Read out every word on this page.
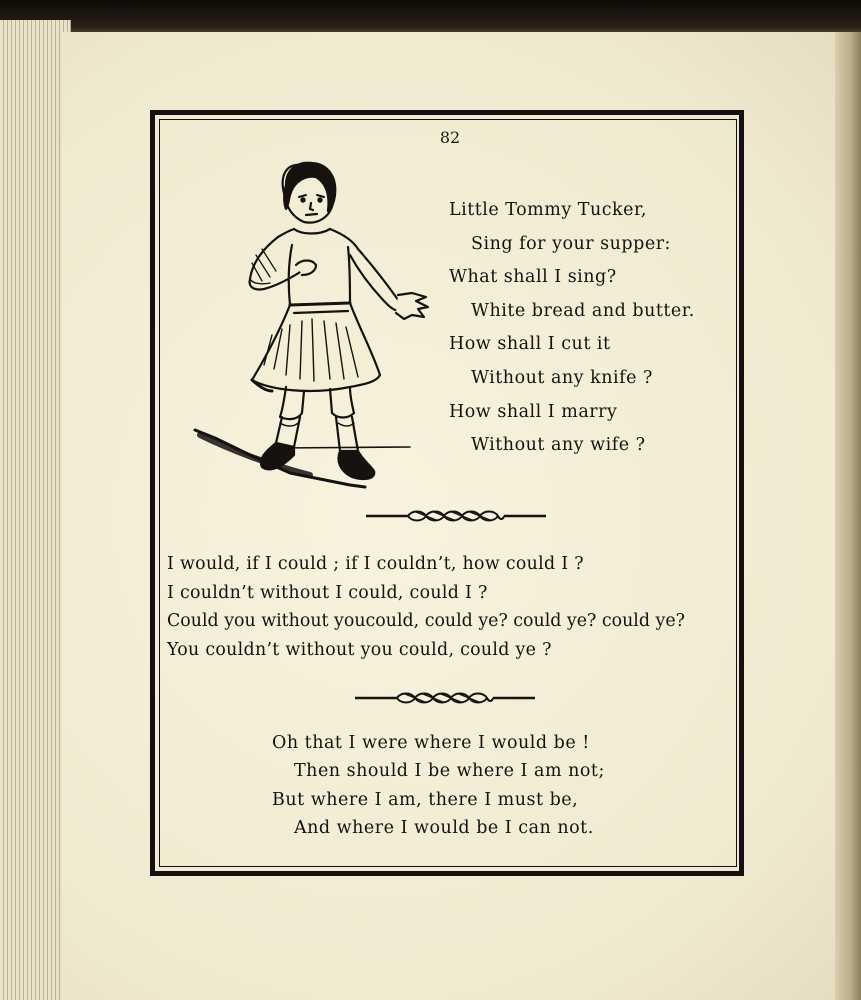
82
Little Tommy Tucker,
Sing for your supper:
What shall I sing?
White bread and butter.
How shall I cut it
Without any knife ?
How shall I marry
Without any wife ?
I would, if I could ; if I couldn’t, how could I ?
I couldn’t without I could, could I ?
Could you without youcould, could ye? could ye? could ye?
You couldn’t without you could, could ye ?
Oh that I were where I would be !
Then should I be where I am not;
But where I am, there I must be,
And where I would be I can not.
